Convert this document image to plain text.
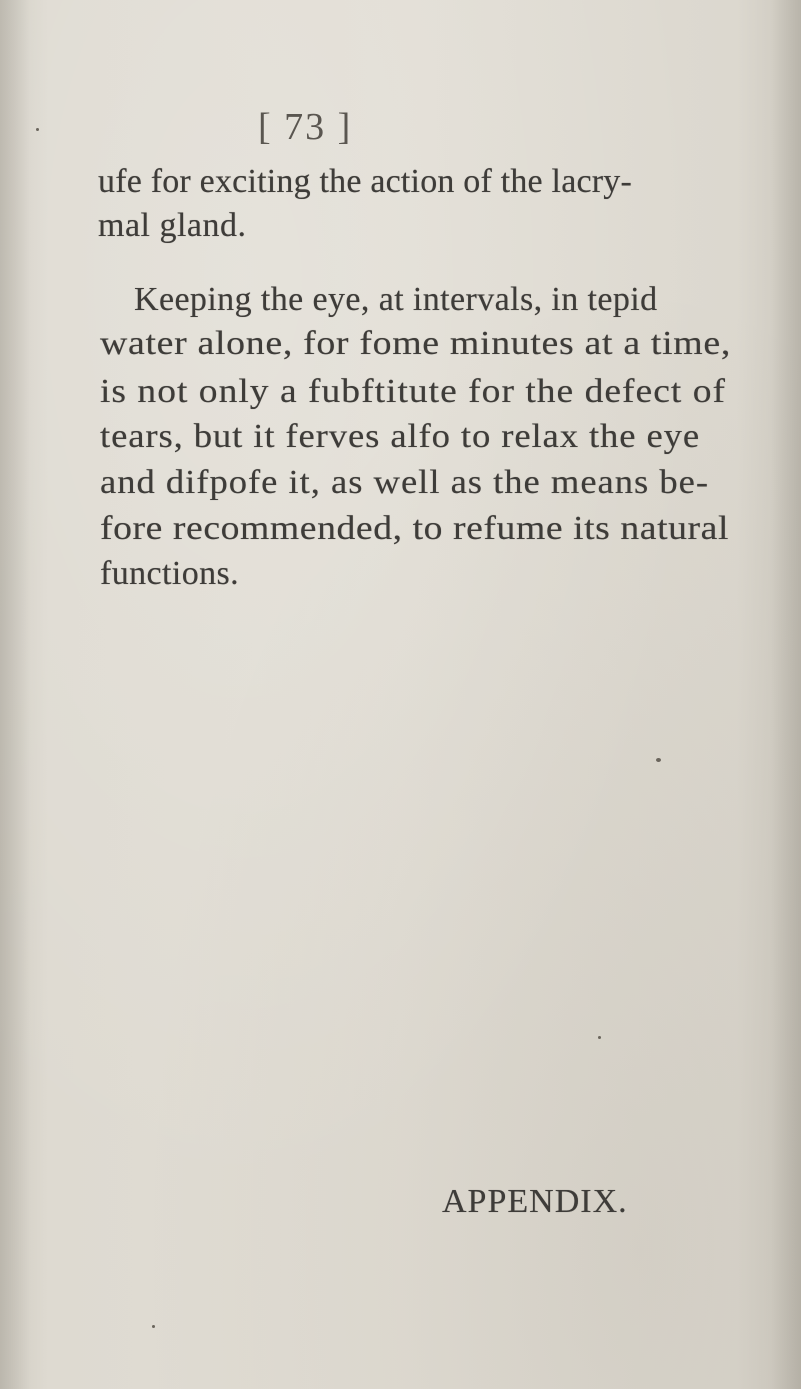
[ 73 ]
ufe for exciting the action of the lacry-
mal gland.
Keeping the eye, at intervals, in tepid
water alone, for fome minutes at a time,
is not only a fubftitute for the defect of
tears, but it ferves alfo to relax the eye
and difpofe it, as well as the means be-
fore recommended, to refume its natural
functions.
APPENDIX.
